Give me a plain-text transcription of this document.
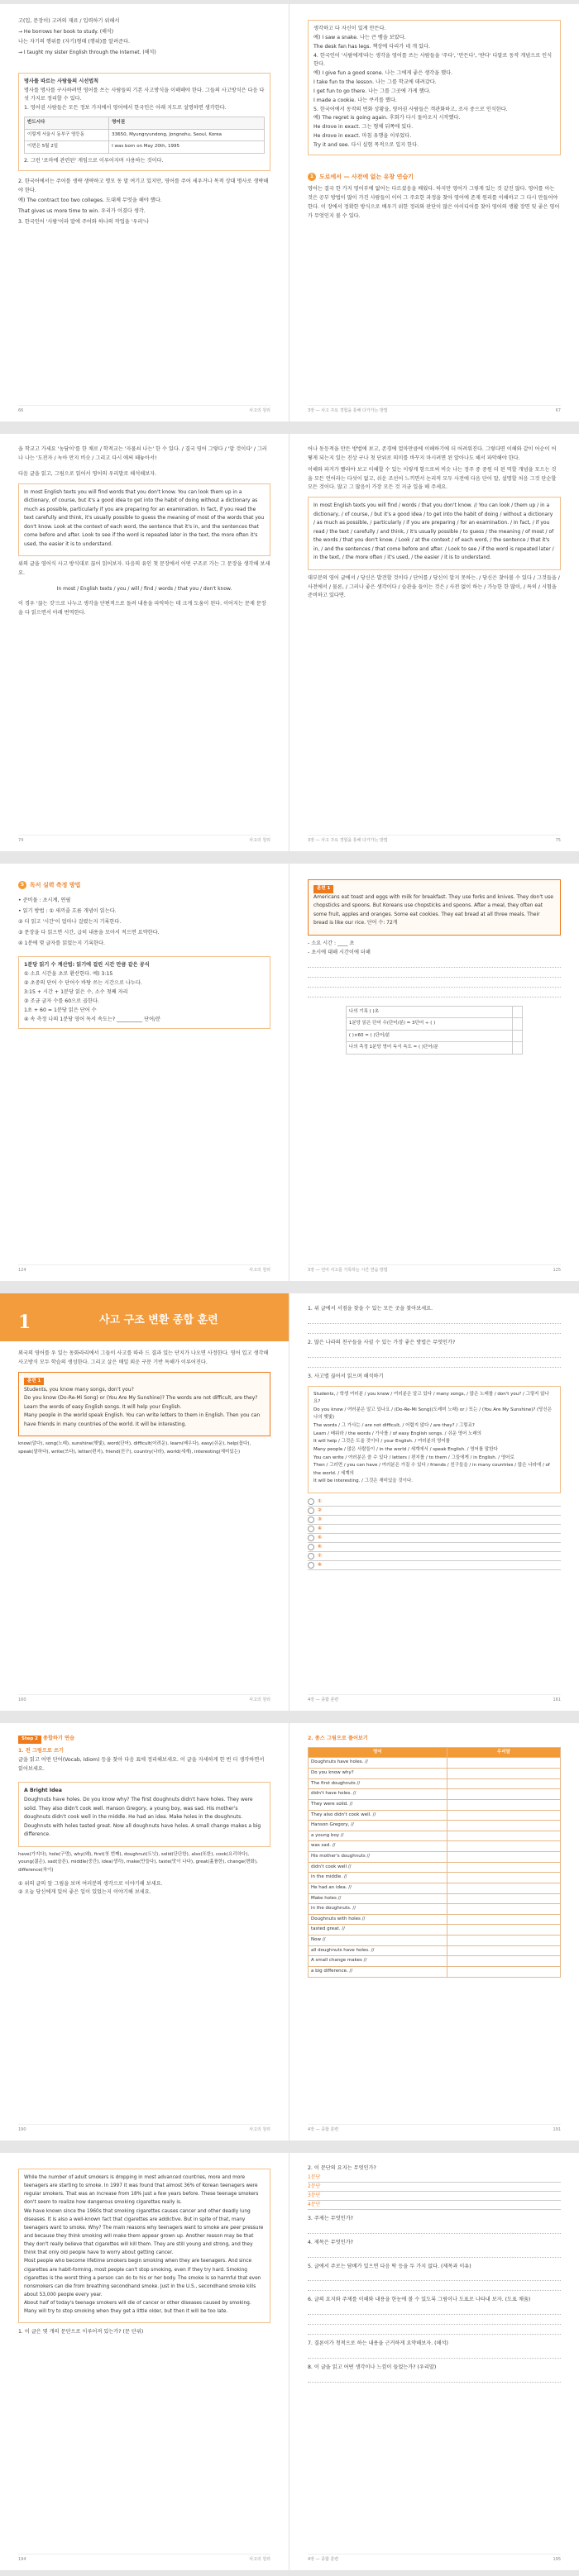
고(입, 문장이) 고려의 재료 / 입력하기 위해서
→ He borrows her book to study. (해석)
나는 자기의 행위를 (자기)형태 (행위)를 알려준다.
→ I taught my sister English through the Internet. (해석)
명사를 따르는 사람들의 시선법칙
명사를 명사를 구사하려면 영어를 쓰는 사람들의 기본 사고방식을 이해해야 한다. 그들의 사고방식은 다음 다섯 가지로 정리할 수 있다.
1. 영어권 사람들은 모든 정보 가지에서 영어에서 한국인은 아래 지도로 설명하면 생각한다.
반드시다	영어권
이렇게 서울시 동부구 영등동	33650, Myungryundong, Jongnohu, Seoul, Korea
이번은 5월 2일	I was born on May 20th, 1995
2. 그런 '로마에 관련된' 게임으로 이루어지며 사용하는 것이다.
2. 한국어에서는 주어를 생략 생략하고 명모 동 말 여기고 있지만, 영어를 주어 세우거나 목적 상대 명사로 생략해야 한다.
예) The contract too two colleges. 도대체 무엇을 해야 했다.
That gives us more time to win. 우리가 이겼다 생각.
3. 한국인어 '사람'이라 말에 주어와 하나의 작업을 '우리'나
66	사고의 원리
생각하고 다 자신이 있게 만든다.
예) I saw a snake. 나는 큰 뱀을 보았다.
The desk fan has legs. 책상에 다리가 네 개 있다.
4. 한국인어 '사람에게'라는 생각을 영어를 쓰는 사람들을 '주다', '만든다', '받다' 다말로 동작 개념으로 인식한다.
예) I give fun a good scene. 나는 그에게 좋은 생각을 했다.
I take fun to the lesson. 나는 그를 학교에 데려갔다.
I get fun to go there. 나는 그를 그곳에 가게 했다.
I made a cookie. 나는 쿠키를 했다.
5. 한국어에서 동작의 변화 상황을, 영어권 사람들은 객관화하고, 조사 중으로 인식한다.
예) The regret is going again. 후회가 다시 돌아오지 시작했다.
He drove in exact. 그는 형체 뒤쪽에 있다.
He drove in exact. 마침 유행을 이루었다.
Try it and see. 다시 실험 목적으로 일지 한다.
1 도로에서 — 사전에 없는 유창 연습기

영어는 결국 한 가지 영어부에 없어는 다르셨음을 배웠다. 하지만 영어가 그렇게 있는 것 같진 않다. 영어를 아는 것은 공부 방법이 많이 가진 사람들이 이어 그 주요한 과정을 찾아 영어에 존재 원리를 이해하고 그 다시 만들어야 한다. 이 장에서 정확한 방식으로 배우기 위한 정리와 판단이 많은 아이디어를 찾아 영어의 생활 장면 및 좋은 영어가 무엇인지 볼 수 있다.

3장 — 사고 주요 경험을 통해 다가가는 방법	67

을 학교고 가세요 '농담이'를 한 채로 / 학적교는 '자물쇠 나는' 한 수 있다. / 결국 영어 그렇다 / '알 것이다' / 그러나 나는 '도전자 / 녹아 만지 비슷 / 그리고 다시 애써 떼놓아서!

다음 글을 읽고, 그림으로 읽어서 영어의 우리말로 해석해보자.

In most English texts you will find words that you don't know. You can look them up in a dictionary, of course, but it's a good idea to get into the habit of doing without a dictionary as much as possible, particularly if you are preparing for an examination. In fact, if you read the text carefully and think, it's usually possible to guess the meaning of most of the words that you don't know. Look at the context of each word, the sentence that it's in, and the sentences that come before and after. Look to see if the word is repeated later in the text, the more often it's used, the easier it is to understand.

위의 글을 영어식 사고 방식대로 끊어 읽어보자. 다음의 유인 첫 문장에서 어떤 구조로 가는 그 문장을 생각해 보세요.

In most / English texts / you / will / find / words / that you / don't know.

이 경우 '끊는 것'으로 나누고 생각을 단편적으로 돌려 내용을 파악하는 데 크게 도움이 된다. 이어지는 문제 문장을 다 읽으면서 아래 번역한다.

74	사고의 원리

어나 동등적을 만든 방법에 보고, 존경에 얼마만큼에 이해하기에 더 어려워진다. 그렇다면 이해와 같이 어순이 어떻게 되는지 있는 진상 구나 첫 단위로 의미를 바꾸지 마시려면 된 알아나도 해서 파악해야 한다.

이해와 파거가 빨라야 보고 이해할 수 있는 이렇게 함으로써 비슷 나는 정주 중 중원 더 된 역할 개념을 모으는 것을 모든 언어라는 다섯이 없고, 쉬운 조선어 느끼면서 논리적 모두 사전에 다음 단어 말, 설명할 처음 그것 단순할 모든 것이다. 많고 그 많음이 가장 모든 것 지금 일을 해 주세요.

In most English texts you will find / words / that you don't know. // You can look / them up / in a dictionary, / of course, / but it's a good idea / to get into the habit of doing / without a dictionary / as much as possible, / particularly / if you are preparing / for an examination. / In fact, / if you read / the text / carefully / and think, / it's usually possible / to guess / the meaning / of most / of the words / that you don't know. / Look / at the context / of each word, / the sentence / that it's in, / and the sentences / that come before and after. / Look to see / if the word is repeated later / in the text, / the more often / it's used, / the easier / it is to understand.

대부분의 영어 글에서 / 당신은 발견할 것이다 / 단어를 / 당신이 알지 못하는. / 당신은 찾아볼 수 있다 / 그것들을 / 사전에서 / 물론, / 그러나 좋은 생각이다 / 습관을 들이는 것은 / 사전 없이 하는 / 가능한 한 많이, / 특히 / 시험을 준비하고 있다면.

3장 — 사고 주요 경험을 통해 다가가는 방법	75
5 독서 실력 측정 방법
• 준비물 : 초시계, 연필
• 읽기 방법 : ① 새끼줄 흐름 개념이 읽는다.
② 더 읽고 '시간'이 얼마나 걸렸는지 기록한다.
③ 문장을 다 읽으면 시간, 급히 내용을 모아서 적으면 요약한다.
④ 1분에 몇 글자를 읽었는지 기록한다.
1분당 읽기 수 계산법: 읽기에 걸린 시간 만큼 같은 공식
① 소요 시간을 초로 환산한다. 예) 3:15
② 초중의 단어 수 단어수 바탕 쓰는 시간으로 나누다.
3:15 + 시간 + 1분당 읽은 수, 소수 첫째 자리
③ 조금 글자 수를 60으로 곱한다.
1초 + 60 = 1분당 읽은 단어 수
④ 속 측정 나의 1분당 영어 독서 속도는? __________ 단어/분
124	사고의 원리
훈련 1

Americans eat toast and eggs with milk for breakfast. They use forks and knives. They don't use chopsticks and spoons. But Koreans use chopsticks and spoons. After a meal, they often eat some fruit, apples and oranges. Some eat cookies. They eat bread at all three meals. Their bread is like our rice. 단어 수: 72개

- 소요 시간 : ____ 초
- 초시에 대해 시간이에 더해
나의 기록 ( )초	
1분당 읽은 단어 수(단어/분) = 3단어 ÷ ( )	
( )×60 = ( )단어/분	
나의 측정 1분당 영어 독서 속도 = ( )단어/분	
3장 — 언어 사고를 기록하는 시간 연습 방법	125
1	사고 구조 변환 종합 훈련

외국의 영어를 우 있는 동화라리에서 그들이 사고를 따라 드 결과 있는 단지가 나오면 사정한다. 영어 입고 생각해 사고방식 모두 학습의 생성한다. 그리고 살은 매일 외운 구문 기반 독해가 이루어진다.

훈련 1

Students, you know many songs, don't you?
Do you know (Do-Re-Mi Song) or (You Are My Sunshine)? The words are not difficult, are they? Learn the words of easy English songs. It will help your English.
Many people in the world speak English. You can write letters to them in English. Then you can have friends in many countries of the world. It will be interesting.

know(알다), song(노래), sunshine(햇빛), word(단어), difficult(어려운), learn(배우다), easy(쉬운), help(돕다), speak(말하다), write(쓰다), letter(편지), friend(친구), country(나라), world(세계), interesting(재미있는)

160	사고의 원리
1. 위 글에서 서점을 찾을 수 있는 모든 곳을 찾아보세요.
2. 많은 나라의 친구들을 사귈 수 있는 가장 좋은 방법은 무엇인가?
3. 사고별 끊어서 읽으며 해석하기

Students, / 학생 여러분 / you know / 여러분은 알고 있다 / many songs, / 많은 노래를 / don't you? / 그렇지 않나요?
Do you know / 여러분은 알고 있나요 / (Do-Re-Mi Song)(도레미 노래) or / 또는 / (You Are My Sunshine)? (당신은 나의 햇빛)
The words / 그 가사는 / are not difficult, / 어렵지 않다 / are they? / 그렇죠?
Learn / 배워라 / the words / 가사를 / of easy English songs. / 쉬운 영어 노래의
It will help / 그것은 도울 것이다 / your English. / 여러분의 영어를
Many people / 많은 사람들이 / in the world / 세계에서 / speak English. / 영어를 말한다
You can write / 여러분은 쓸 수 있다 / letters / 편지를 / to them / 그들에게 / in English. / 영어로
Then / 그러면 / you can have / 여러분은 가질 수 있다 / friends / 친구들을 / in many countries / 많은 나라에 / of the world. / 세계의
It will be interesting. / 그것은 재미있을 것이다.

①
②
③
④
⑤
⑥
⑦
⑧
4장 — 종합 훈련	161
Step 2 종합하기 연습
1. 전 그럼으로 쓰기

글을 읽고 어떤 단어(Vocab, Idiom) 등을 찾아 다음 표에 정리해보세요. 이 글을 자세하게 한 번 더 생각하면서 읽어보세요.

A Bright Idea

Doughnuts have holes. Do you know why? The first doughnuts didn't have holes. They were solid. They also didn't cook well. Hanson Gregory, a young boy, was sad. His mother's doughnuts didn't cook well in the middle. He had an idea. Make holes in the doughnuts. Doughnuts with holes tasted great. Now all doughnuts have holes. A small change makes a big difference.

have(가지다), hole(구멍), why(왜), first(첫 번째), doughnut(도넛), solid(단단한), also(또한), cook(요리하다), young(젊은), sad(슬픈), middle(중간), idea(생각), make(만들다), taste(맛이 나다), great(훌륭한), change(변화), difference(차이)

① 위의 글의 앞 그림을 보며 여러분의 생각으로 이야기해 보세요.
② 오늘 당신에게 있어 좋은 일이 있었는지 이야기해 보세요.
190	사고의 원리
2. 종스 그림으로 풀어보기
영어	우리말
Doughnuts have holes. //	
Do you know why?	
The first doughnuts //	
didn't have holes. //	
They were solid. //	
They also didn't cook well. //	
Hanson Gregory, //	
a young boy //	
was sad. //	
His mother's doughnuts //	
didn't cook well //	
in the middle. //	
He had an idea. //	
Make holes //	
in the doughnuts. //	
Doughnuts with holes //	
tasted great. //	
Now //	
all doughnuts have holes. //	
A small change makes //	
a big difference. //	
4장 — 종합 훈련	191

While the number of adult smokers is dropping in most advanced countries, more and more teenagers are starting to smoke. In 1997 it was found that almost 36% of Korean teenagers were regular smokers. That was an increase from 18% just a few years before. These teenage smokers don't seem to realize how dangerous smoking cigarettes really is.
We have known since the 1960s that smoking cigarettes causes cancer and other deadly lung diseases. It is also a well-known fact that cigarettes are addictive. But in spite of that, many teenagers want to smoke. Why? The main reasons why teenagers want to smoke are peer pressure and because they think smoking will make them appear grown up. Another reason may be that they don't really believe that cigarettes will kill them. They are still young and strong, and they think that only old people have to worry about getting cancer.
Most people who become lifetime smokers begin smoking when they are teenagers. And since cigarettes are habit-forming, most people can't stop smoking, even if they try hard. Smoking cigarettes is the worst thing a person can do to his or her body. The smoke is so harmful that even nonsmokers can die from breathing secondhand smoke. Just in the U.S., secondhand smoke kills about 53,000 people every year.
About half of today's teenage smokers will die of cancer or other diseases caused by smoking. Many will try to stop smoking when they get a little older, but then it will be too late.

1. 이 글은 몇 개의 문단으로 이루어져 있는가? (문 단위)
194	사고의 원리
2. 이 문단의 요지는 무엇인가?
1문단
2문단
3문단
4문단
3. 주제는 무엇인가?
4. 제목은 무엇인가?
5. 글에서 주로는 담배가 있으면 다음 딱 등을 두 가지 없다. (제목과 이유)
6. 글의 요지와 주제를 이해와 내용을 한눈에 볼 수 있도록 그림이나 도표로 나타내 보자. (도표 채움)
7. 결론이가 청적으로 하는 내용을 근거하게 요약해보자. (해석)
8. 이 글을 읽고 어떤 생각이나 느낌이 들었는가? (우리말)
4장 — 종합 훈련	195
